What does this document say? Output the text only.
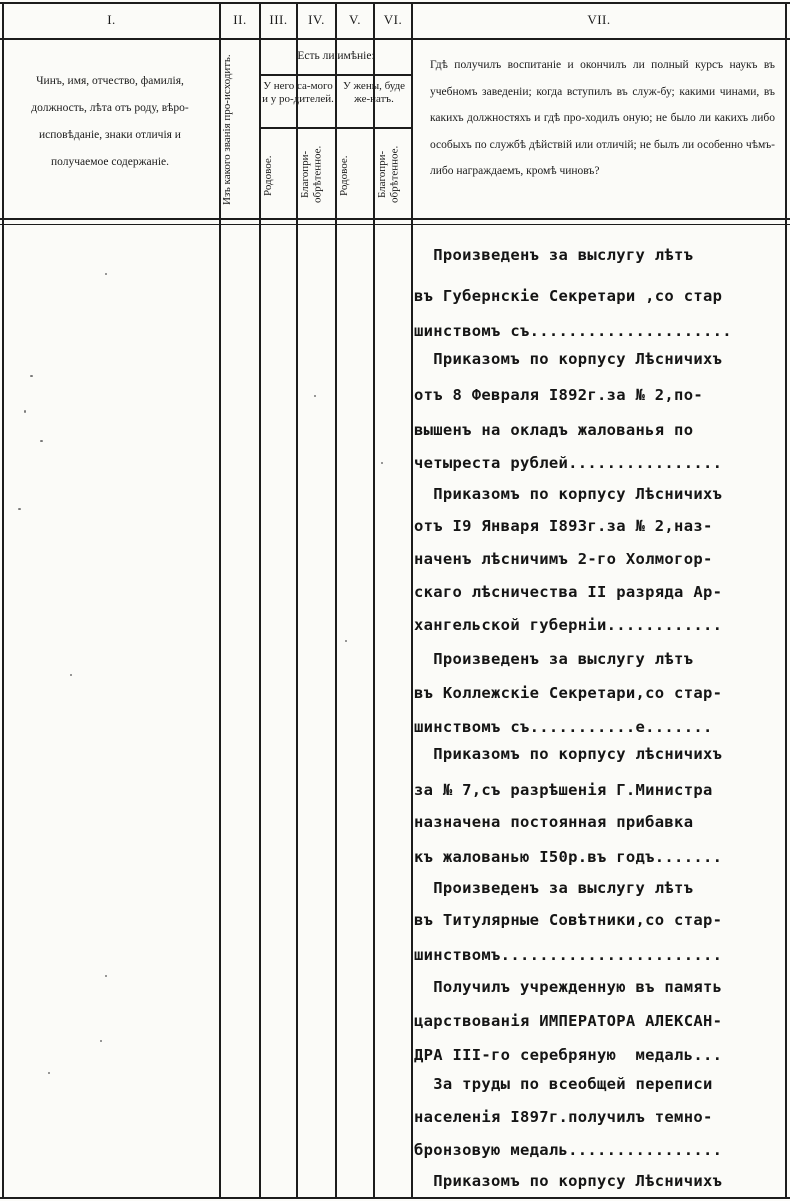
I.	II.	III.	IV.	V.	VI.	VII.
Чинъ, имя, отчество, фамилія, должность, лѣта отъ роду, вѣро-исповѣданіе, знаки отличія и получаемое содержаніе.	Изъ какого званія про-исходитъ.	Есть ли имѣніе:
У него са-мого и у ро-дителей.
У жены, буде же-натъ.
Родовое.	Благопри-обрѣтенное.	Родовое.	Благопри-обрѣтенное.
Гдѣ получилъ воспитаніе и окончилъ ли полный курсъ наукъ въ учебномъ заведеніи; когда вступилъ въ служ-бу; какими чинами, въ какихъ должностяхъ и гдѣ про-ходилъ оную; не было ли какихъ либо особыхъ по службѣ дѣйствій или отличій; не былъ ли особенно чѣмъ-либо награждаемъ, кромѣ чиновъ?
Произведенъ за выслугу лѣтъ
въ Губернскіе Секретари ,со стар
шинствомъ съ.....................
Приказомъ по корпусу Лѣсничихъ
отъ 8 Февраля I892г.за № 2,по-
вышенъ на окладъ жалованья по
четыреста рублей................
Приказомъ по корпусу Лѣсничихъ
отъ I9 Января I893г.за № 2,наз-
наченъ лѣсничимъ 2-го Холмогор-
скаго лѣсничества II разряда Ар-
хангельской губерніи............
Произведенъ за выслугу лѣтъ
въ Коллежскіе Секретари,со стар-
шинствомъ съ...........е.......
Приказомъ по корпусу лѣсничихъ
за № 7,съ разрѣшенія Г.Министра
назначена постоянная прибавка
къ жалованью I50р.въ годъ.......
Произведенъ за выслугу лѣтъ
въ Титулярные Совѣтники,со стар-
шинствомъ.......................
Получилъ учрежденную въ память
царствованія ИМПЕРАТОРА АЛЕКСАН-
ДРА III-го серебряную  медаль...
За труды по всеобщей переписи
населенія I897г.получилъ темно-
бронзовую медаль................
Приказомъ по корпусу Лѣсничихъ
